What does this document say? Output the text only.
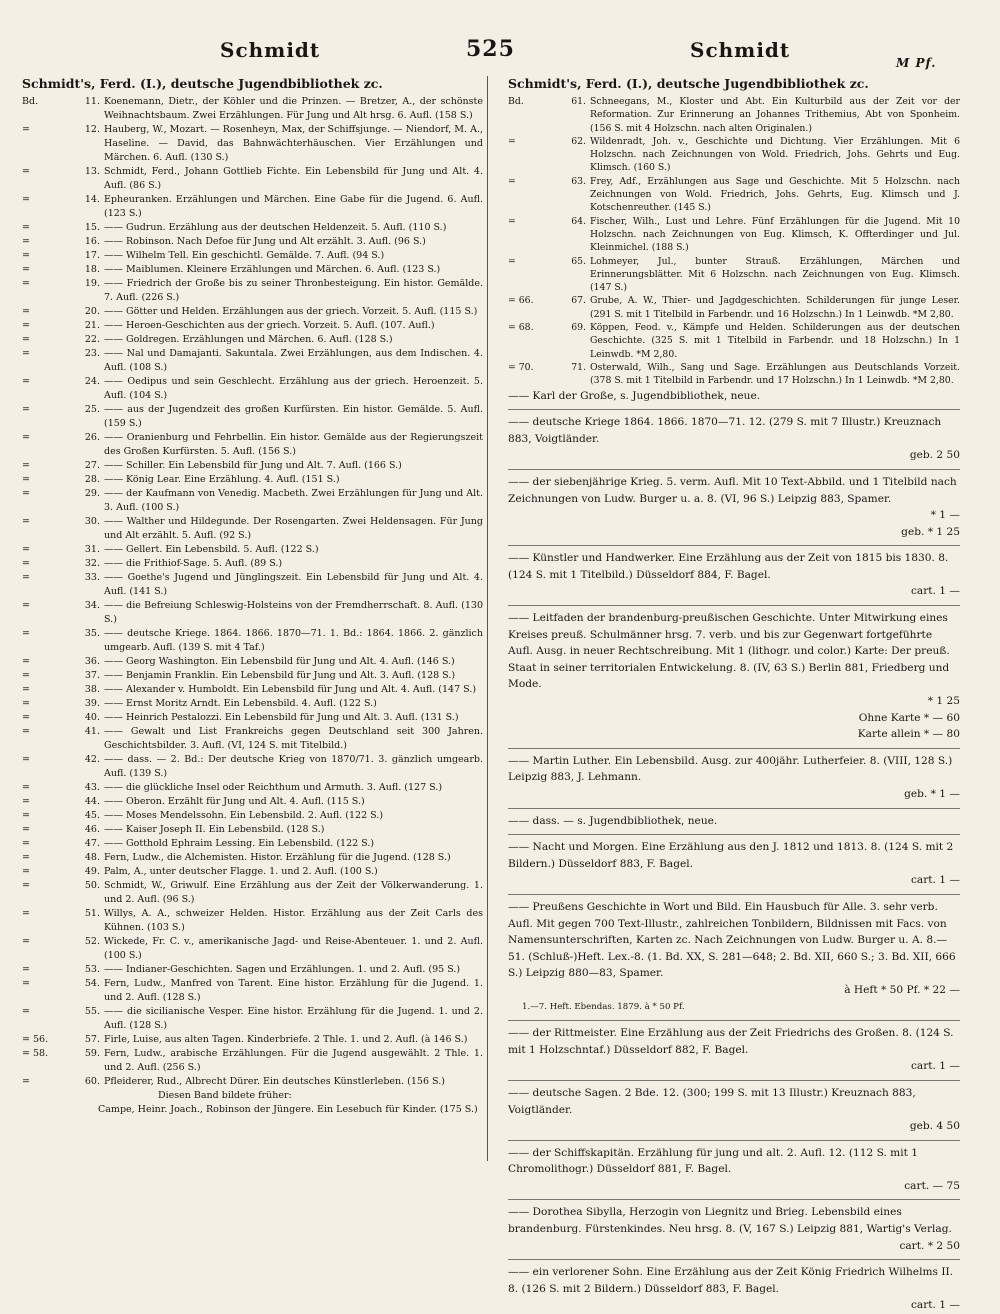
Schmidt	525	Schmidt
M Pf.
Schmidt's, Ferd. (I.), deutsche Jugendbibliothek zc.
Bd.	11. Koenemann, Dietr., der Köhler und die Prinzen. — Bretzer, A., der schönste Weihnachtsbaum. Zwei Erzählungen. Für Jung und Alt hrsg. 6. Aufl. (158 S.)
=	12. Hauberg, W., Mozart. — Rosenheyn, Max, der Schiffsjunge. — Niendorf, M. A., Haseline. — David, das Bahnwächterhäuschen. Vier Erzählungen und Märchen. 6. Aufl. (130 S.)
=	13. Schmidt, Ferd., Johann Gottlieb Fichte. Ein Lebensbild für Jung und Alt. 4. Aufl. (86 S.)
=	14. Epheuranken. Erzählungen und Märchen. Eine Gabe für die Jugend. 6. Aufl. (123 S.)
=	15. —— Gudrun. Erzählung aus der deutschen Heldenzeit. 5. Aufl. (110 S.)
=	16. —— Robinson. Nach Defoe für Jung und Alt erzählt. 3. Aufl. (96 S.)
=	17. —— Wilhelm Tell. Ein geschichtl. Gemälde. 7. Aufl. (94 S.)
=	18. —— Maiblumen. Kleinere Erzählungen und Märchen. 6. Aufl. (123 S.)
=	19. —— Friedrich der Große bis zu seiner Thronbesteigung. Ein histor. Gemälde. 7. Aufl. (226 S.)
=	20. —— Götter und Helden. Erzählungen aus der griech. Vorzeit. 5. Aufl. (115 S.)
=	21. —— Heroen-Geschichten aus der griech. Vorzeit. 5. Aufl. (107. Aufl.)
=	22. —— Goldregen. Erzählungen und Märchen. 6. Aufl. (128 S.)
=	23. —— Nal und Damajanti. Sakuntala. Zwei Erzählungen, aus dem Indischen. 4. Aufl. (108 S.)
=	24. —— Oedipus und sein Geschlecht. Erzählung aus der griech. Heroenzeit. 5. Aufl. (104 S.)
=	25. —— aus der Jugendzeit des großen Kurfürsten. Ein histor. Gemälde. 5. Aufl. (159 S.)
=	26. —— Oranienburg und Fehrbellin. Ein histor. Gemälde aus der Regierungszeit des Großen Kurfürsten. 5. Aufl. (156 S.)
=	27. —— Schiller. Ein Lebensbild für Jung und Alt. 7. Aufl. (166 S.)
=	28. —— König Lear. Eine Erzählung. 4. Aufl. (151 S.)
=	29. —— der Kaufmann von Venedig. Macbeth. Zwei Erzählungen für Jung und Alt. 3. Aufl. (100 S.)
=	30. —— Walther und Hildegunde. Der Rosengarten. Zwei Heldensagen. Für Jung und Alt erzählt. 5. Aufl. (92 S.)
=	31. —— Gellert. Ein Lebensbild. 5. Aufl. (122 S.)
=	32. —— die Frithiof-Sage. 5. Aufl. (89 S.)
=	33. —— Goethe's Jugend und Jünglingszeit. Ein Lebensbild für Jung und Alt. 4. Aufl. (141 S.)
=	34. —— die Befreiung Schleswig-Holsteins von der Fremdherrschaft. 8. Aufl. (130 S.)
=	35. —— deutsche Kriege. 1864. 1866. 1870—71. 1. Bd.: 1864. 1866. 2. gänzlich umgearb. Aufl. (139 S. mit 4 Taf.)
=	36. —— Georg Washington. Ein Lebensbild für Jung und Alt. 4. Aufl. (146 S.)
=	37. —— Benjamin Franklin. Ein Lebensbild für Jung und Alt. 3. Aufl. (128 S.)
=	38. —— Alexander v. Humboldt. Ein Lebensbild für Jung und Alt. 4. Aufl. (147 S.)
=	39. —— Ernst Moritz Arndt. Ein Lebensbild. 4. Aufl. (122 S.)
=	40. —— Heinrich Pestalozzi. Ein Lebensbild für Jung und Alt. 3. Aufl. (131 S.)
=	41. —— Gewalt und List Frankreichs gegen Deutschland seit 300 Jahren. Geschichtsbilder. 3. Aufl. (VI, 124 S. mit Titelbild.)
=	42. —— dass. — 2. Bd.: Der deutsche Krieg von 1870/71. 3. gänzlich umgearb. Aufl. (139 S.)
=	43. —— die glückliche Insel oder Reichthum und Armuth. 3. Aufl. (127 S.)
=	44. —— Oberon. Erzählt für Jung und Alt. 4. Aufl. (115 S.)
=	45. —— Moses Mendelssohn. Ein Lebensbild. 2. Aufl. (122 S.)
=	46. —— Kaiser Joseph II. Ein Lebensbild. (128 S.)
=	47. —— Gotthold Ephraim Lessing. Ein Lebensbild. (122 S.)
=	48. Fern, Ludw., die Alchemisten. Histor. Erzählung für die Jugend. (128 S.)
=	49. Palm, A., unter deutscher Flagge. 1. und 2. Aufl. (100 S.)
=	50. Schmidt, W., Griwulf. Eine Erzählung aus der Zeit der Völkerwanderung. 1. und 2. Aufl. (96 S.)
=	51. Willys, A. A., schweizer Helden. Histor. Erzählung aus der Zeit Carls des Kühnen. (103 S.)
=	52. Wickede, Fr. C. v., amerikanische Jagd- und Reise-Abenteuer. 1. und 2. Aufl. (100 S.)
=	53. —— Indianer-Geschichten. Sagen und Erzählungen. 1. und 2. Aufl. (95 S.)
=	54. Fern, Ludw., Manfred von Tarent. Eine histor. Erzählung für die Jugend. 1. und 2. Aufl. (128 S.)
=	55. —— die sicilianische Vesper. Eine histor. Erzählung für die Jugend. 1. und 2. Aufl. (128 S.)
= 56.	57. Firle, Luise, aus alten Tagen. Kinderbriefe. 2 Thle. 1. und 2. Aufl. (à 146 S.)
= 58.	59. Fern, Ludw., arabische Erzählungen. Für die Jugend ausgewählt. 2 Thle. 1. und 2. Aufl. (256 S.)
=	60. Pfleiderer, Rud., Albrecht Dürer. Ein deutsches Künstlerleben. (156 S.)
Diesen Band bildete früher:
Campe, Heinr. Joach., Robinson der Jüngere. Ein Lesebuch für Kinder. (175 S.)
Schmidt's, Ferd. (I.), deutsche Jugendbibliothek zc.
Bd.	61. Schneegans, M., Kloster und Abt. Ein Kulturbild aus der Zeit vor der Reformation. Zur Erinnerung an Johannes Trithemius, Abt von Sponheim. (156 S. mit 4 Holzschn. nach alten Originalen.)
=	62. Wildenradt, Joh. v., Geschichte und Dichtung. Vier Erzählungen. Mit 6 Holzschn. nach Zeichnungen von Wold. Friedrich, Johs. Gehrts und Eug. Klimsch. (160 S.)
=	63. Frey, Adf., Erzählungen aus Sage und Geschichte. Mit 5 Holzschn. nach Zeichnungen von Wold. Friedrich, Johs. Gehrts, Eug. Klimsch und J. Kotschenreuther. (145 S.)
=	64. Fischer, Wilh., Lust und Lehre. Fünf Erzählungen für die Jugend. Mit 10 Holzschn. nach Zeichnungen von Eug. Klimsch, K. Offterdinger und Jul. Kleinmichel. (188 S.)
=	65. Lohmeyer, Jul., bunter Strauß. Erzählungen, Märchen und Erinnerungsblätter. Mit 6 Holzschn. nach Zeichnungen von Eug. Klimsch. (147 S.)
= 66.	67. Grube, A. W., Thier- und Jagdgeschichten. Schilderungen für junge Leser. (291 S. mit 1 Titelbild in Farbendr. und 16 Holzschn.) In 1 Leinwdb. *M 2,80.
= 68.	69. Köppen, Feod. v., Kämpfe und Helden. Schilderungen aus der deutschen Geschichte. (325 S. mit 1 Titelbild in Farbendr. und 18 Holzschn.) In 1 Leinwdb. *M 2,80.
= 70.	71. Osterwald, Wilh., Sang und Sage. Erzählungen aus Deutschlands Vorzeit. (378 S. mit 1 Titelbild in Farbendr. und 17 Holzschn.) In 1 Leinwdb. *M 2,80.
—— Karl der Große, s. Jugendbibliothek, neue.
—— deutsche Kriege 1864. 1866. 1870—71. 12. (279 S. mit 7 Illustr.) Kreuznach 883, Voigtländer.
geb. 2 50
—— der siebenjährige Krieg. 5. verm. Aufl. Mit 10 Text-Abbild. und 1 Titelbild nach Zeichnungen von Ludw. Burger u. a. 8. (VI, 96 S.) Leipzig 883, Spamer.
* 1 —
geb. * 1 25
—— Künstler und Handwerker. Eine Erzählung aus der Zeit von 1815 bis 1830. 8. (124 S. mit 1 Titelbild.) Düsseldorf 884, F. Bagel.
cart. 1 —
—— Leitfaden der brandenburg-preußischen Geschichte. Unter Mitwirkung eines Kreises preuß. Schulmänner hrsg. 7. verb. und bis zur Gegenwart fortgeführte Aufl. Ausg. in neuer Rechtschreibung. Mit 1 (lithogr. und color.) Karte: Der preuß. Staat in seiner territorialen Entwickelung. 8. (IV, 63 S.) Berlin 881, Friedberg und Mode.
* 1 25
Ohne Karte * — 60
Karte allein * — 80
—— Martin Luther. Ein Lebensbild. Ausg. zur 400jähr. Lutherfeier. 8. (VIII, 128 S.) Leipzig 883, J. Lehmann.
geb. * 1 —
—— dass. — s. Jugendbibliothek, neue.
—— Nacht und Morgen. Eine Erzählung aus den J. 1812 und 1813. 8. (124 S. mit 2 Bildern.) Düsseldorf 883, F. Bagel.
cart. 1 —
—— Preußens Geschichte in Wort und Bild. Ein Hausbuch für Alle. 3. sehr verb. Aufl. Mit gegen 700 Text-Illustr., zahlreichen Tonbildern, Bildnissen mit Facs. von Namensunterschriften, Karten zc. Nach Zeichnungen von Ludw. Burger u. A. 8.—51. (Schluß-)Heft. Lex.-8. (1. Bd. XX, S. 281—648; 2. Bd. XII, 660 S.; 3. Bd. XII, 666 S.) Leipzig 880—83, Spamer.
à Heft * 50 Pf. * 22 —
1.—7. Heft. Ebendas. 1879. à * 50 Pf.
—— der Rittmeister. Eine Erzählung aus der Zeit Friedrichs des Großen. 8. (124 S. mit 1 Holzschntaf.) Düsseldorf 882, F. Bagel.
cart. 1 —
—— deutsche Sagen. 2 Bde. 12. (300; 199 S. mit 13 Illustr.) Kreuznach 883, Voigtländer.
geb. 4 50
—— der Schiffskapitän. Erzählung für jung und alt. 2. Aufl. 12. (112 S. mit 1 Chromolithogr.) Düsseldorf 881, F. Bagel.
cart. — 75
—— Dorothea Sibylla, Herzogin von Liegnitz und Brieg. Lebensbild eines brandenburg. Fürstenkindes. Neu hrsg. 8. (V, 167 S.) Leipzig 881, Wartig's Verlag.
cart. * 2 50
—— ein verlorener Sohn. Eine Erzählung aus der Zeit König Friedrich Wilhelms II. 8. (126 S. mit 2 Bildern.) Düsseldorf 883, F. Bagel.
cart. 1 —
